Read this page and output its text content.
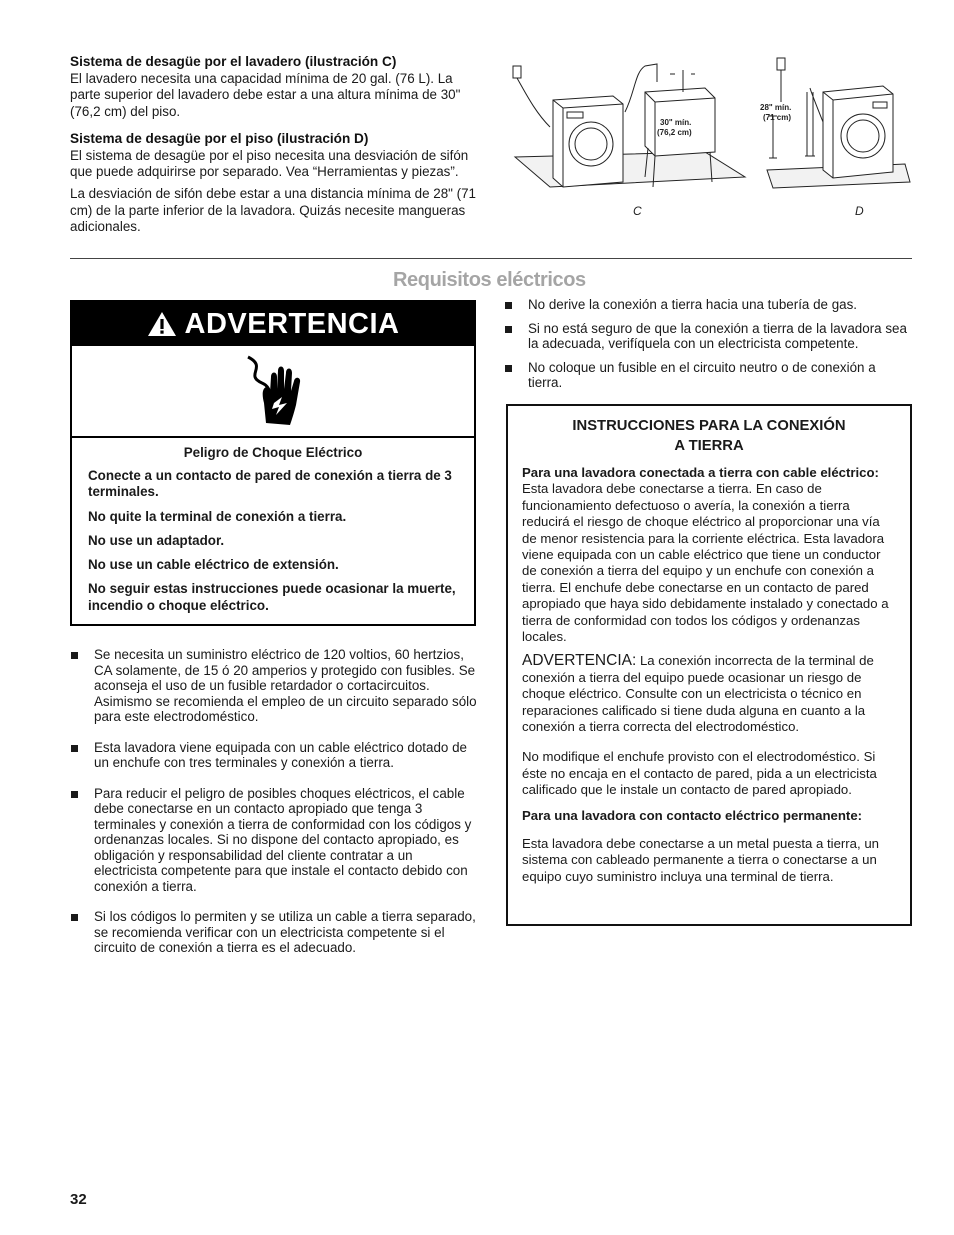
Sistema de desagüe por el lavadero (ilustración C)

El lavadero necesita una capacidad mínima de 20 gal. (76 L). La parte superior del lavadero debe estar a una altura mínima de 30" (76,2 cm) del piso.

Sistema de desagüe por el piso (ilustración D)

El sistema de desagüe por el piso necesita una desviación de sifón que puede adquirirse por separado. Vea “Herramientas y piezas”.

La desviación de sifón debe estar a una distancia mínima de 28" (71 cm) de la parte inferior de la lavadora. Quizás necesite mangueras adicionales.

30" mín.
(76,2 cm)
C
28" mín.
(71 cm)
D
Requisitos eléctricos
ADVERTENCIA

Peligro de Choque Eléctrico

Conecte a un contacto de pared de conexión a tierra de 3 terminales.

No quite la terminal de conexión a tierra.

No use un adaptador.

No use un cable eléctrico de extensión.

No seguir estas instrucciones puede ocasionar la muerte, incendio o choque eléctrico.

Se necesita un suministro eléctrico de 120 voltios, 60 hertzios, CA solamente, de 15 ó 20 amperios y protegido con fusibles. Se aconseja el uso de un fusible retardador o cortacircuitos. Asimismo se recomienda el empleo de un circuito separado sólo para este electrodoméstico.
Esta lavadora viene equipada con un cable eléctrico dotado de un enchufe con tres terminales y conexión a tierra.
Para reducir el peligro de posibles choques eléctricos, el cable debe conectarse en un contacto apropiado que tenga 3 terminales y conexión a tierra de conformidad con los códigos y ordenanzas locales. Si no dispone del contacto apropiado, es obligación y responsabilidad del cliente contratar a un electricista competente para que instale el contacto debido con conexión a tierra.
Si los códigos lo permiten y se utiliza un cable a tierra separado, se recomienda verificar con un electricista competente si el circuito de conexión a tierra es el adecuado.
No derive la conexión a tierra hacia una tubería de gas.
Si no está seguro de que la conexión a tierra de la lavadora sea la adecuada, verifíquela con un electricista competente.
No coloque un fusible en el circuito neutro o de conexión a tierra.

INSTRUCCIONES PARA LA CONEXIÓN
A TIERRA

Para una lavadora conectada a tierra con cable eléctrico:

Esta lavadora debe conectarse a tierra. En caso de funcionamiento defectuoso o avería, la conexión a tierra reducirá el riesgo de choque eléctrico al proporcionar una vía de menor resistencia para la corriente eléctrica. Esta lavadora viene equipada con un cable eléctrico que tiene un conductor de conexión a tierra del equipo y un enchufe con conexión a tierra. El enchufe debe conectarse en un contacto de pared apropiado que haya sido debidamente instalado y conectado a tierra de conformidad con todos los códigos y ordenanzas locales.

ADVERTENCIA: La conexión incorrecta de la terminal de conexión a tierra del equipo puede ocasionar un riesgo de choque eléctrico. Consulte con un electricista o técnico en reparaciones calificado si tiene duda alguna en cuanto a la conexión a tierra correcta del electrodoméstico.

No modifique el enchufe provisto con el electrodoméstico. Si éste no encaja en el contacto de pared, pida a un electricista calificado que le instale un contacto de pared apropiado.

Para una lavadora con contacto eléctrico permanente:

Esta lavadora debe conectarse a un metal puesta a tierra, un sistema con cableado permanente a tierra o conectarse a un equipo cuyo suministro incluya una terminal de tierra.

32
